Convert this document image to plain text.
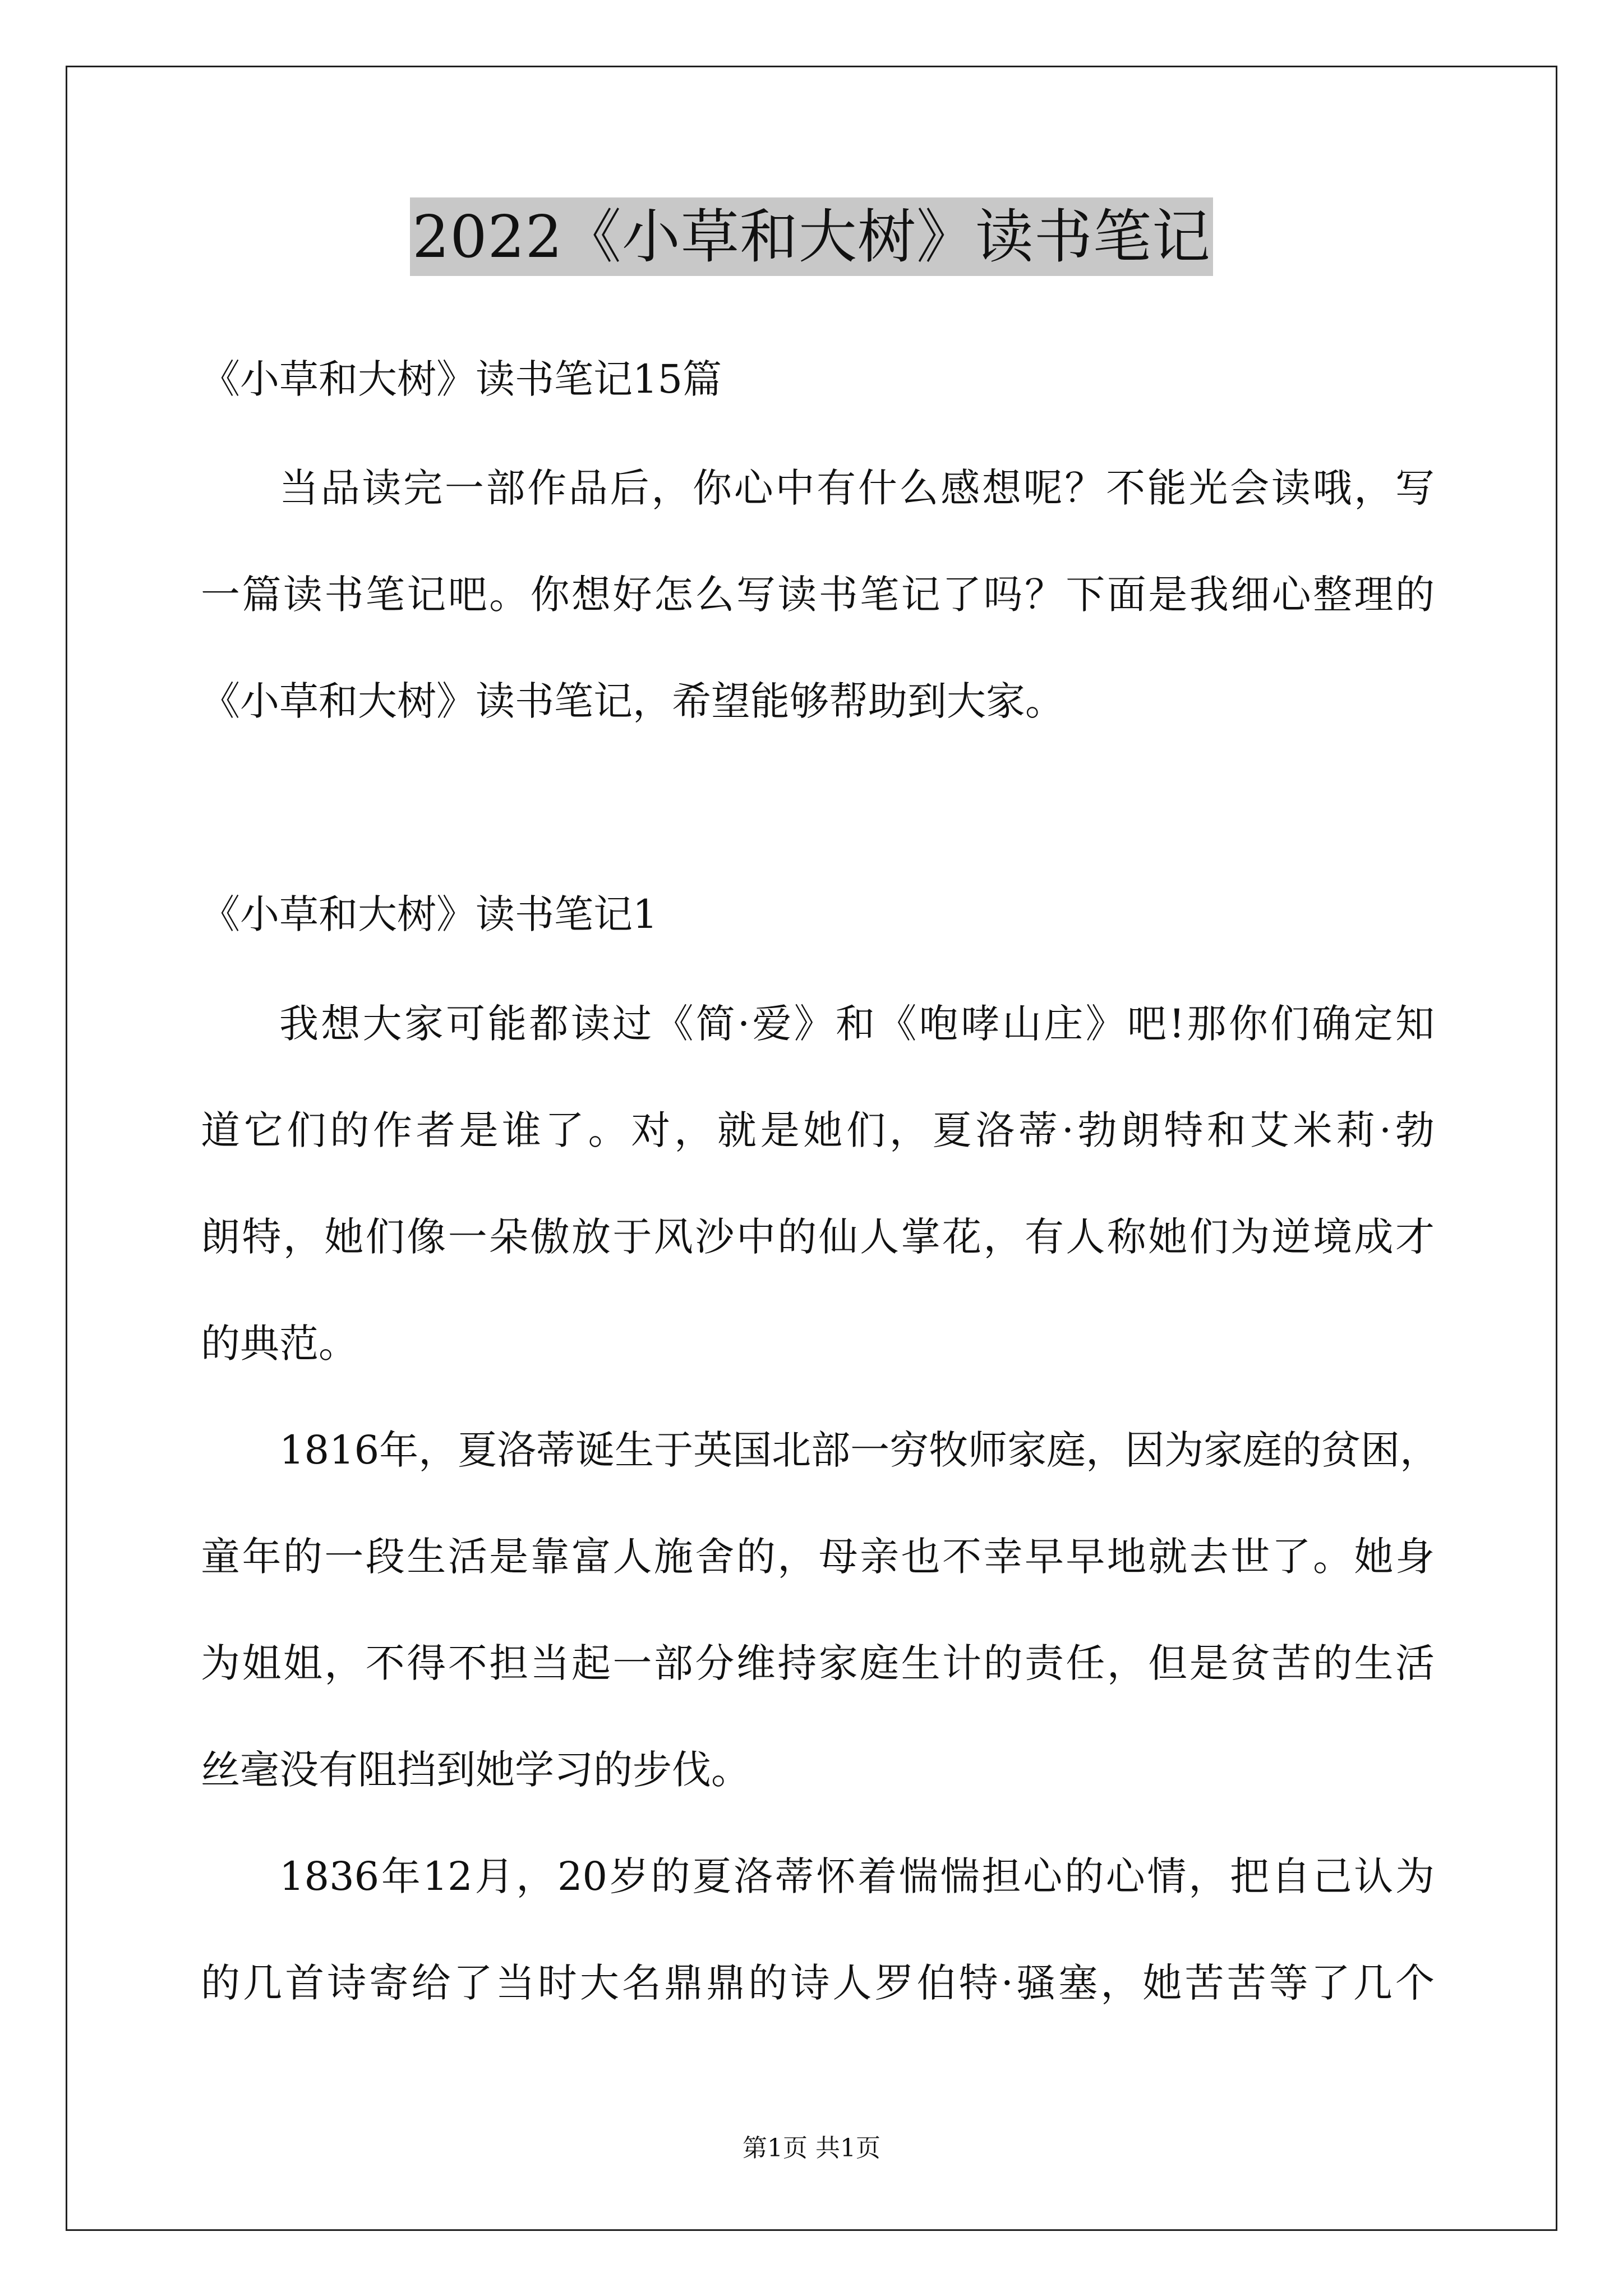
2022《小草和大树》读书笔记
《小草和大树》读书笔记15篇
当品读完一部作品后，你心中有什么感想呢？不能光会读哦，写
一篇读书笔记吧。你想好怎么写读书笔记了吗？下面是我细心整理的
《小草和大树》读书笔记，希望能够帮助到大家。
《小草和大树》读书笔记1
我想大家可能都读过《简·爱》和《咆哮山庄》吧!那你们确定知
道它们的作者是谁了。对，就是她们，夏洛蒂·勃朗特和艾米莉·勃
朗特，她们像一朵傲放于风沙中的仙人掌花，有人称她们为逆境成才
的典范。
1816年，夏洛蒂诞生于英国北部一穷牧师家庭，因为家庭的贫困，
童年的一段生活是靠富人施舍的，母亲也不幸早早地就去世了。她身
为姐姐，不得不担当起一部分维持家庭生计的责任，但是贫苦的生活
丝毫没有阻挡到她学习的步伐。
1836年12月，20岁的夏洛蒂怀着惴惴担心的心情，把自己认为
的几首诗寄给了当时大名鼎鼎的诗人罗伯特·骚塞，她苦苦等了几个
第1页 共1页
